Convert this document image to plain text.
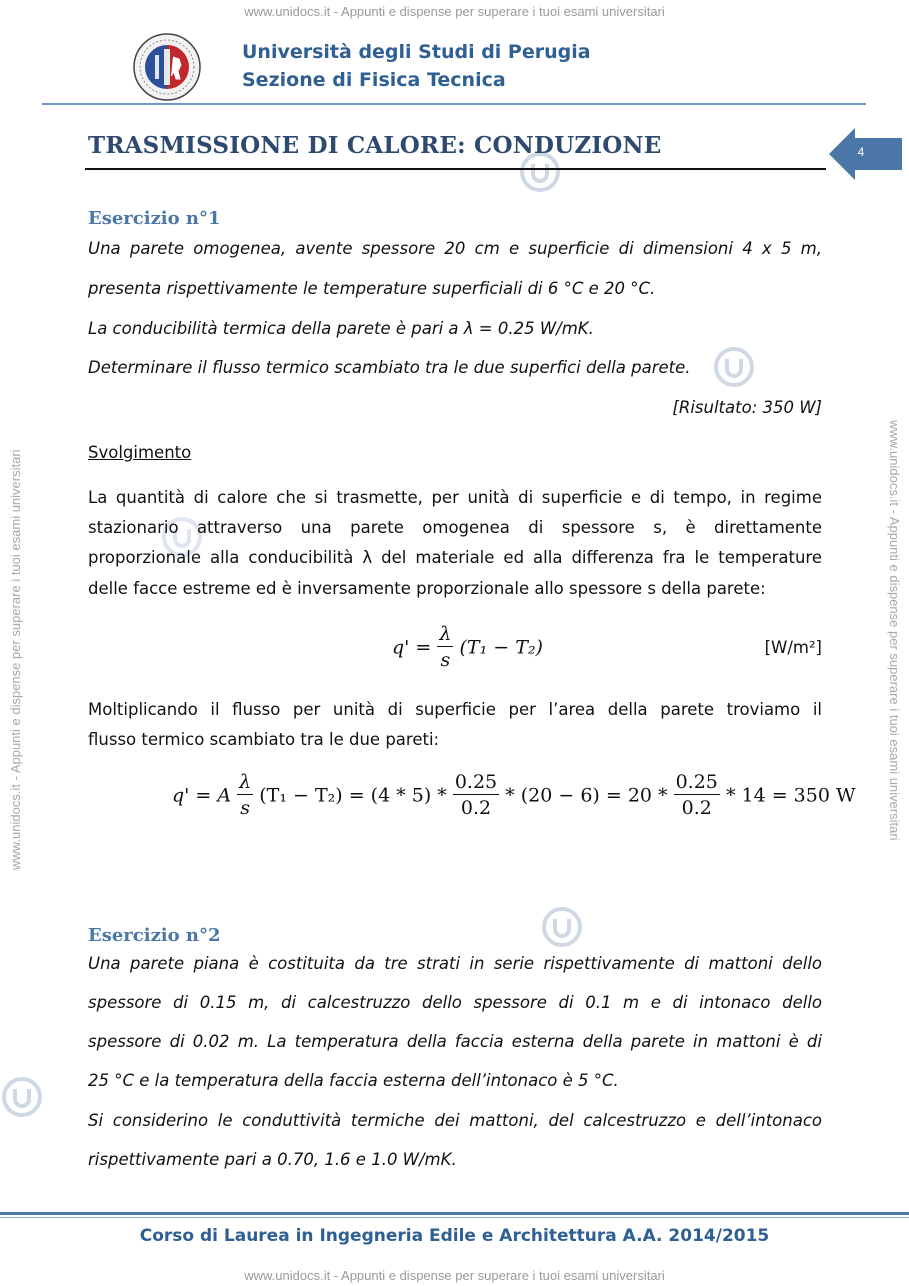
www.unidocs.it - Appunti e dispense per superare i tuoi esami universitari
www.unidocs.it - Appunti e dispense per superare i tuoi esami universitari
www.unidocs.it - Appunti e dispense per superare i tuoi esami universitari	www.unidocs.it - Appunti e dispense per superare i tuoi esami universitari
Università degli Studi di Perugia
Sezione di Fisica Tecnica
TRASMISSIONE DI CALORE: CONDUZIONE	4
Esercizio n°1
Una parete omogenea, avente spessore 20 cm e superficie di dimensioni 4 x 5 m,
presenta rispettivamente le temperature superficiali di 6 °C e 20 °C.
La conducibilità termica della parete è pari a λ = 0.25 W/mK.
Determinare il flusso termico scambiato tra le due superfici della parete.
[Risultato: 350 W]
Svolgimento
La quantità di calore che si trasmette, per unità di superficie e di tempo, in regime
stazionario attraverso una parete omogenea di spessore s, è direttamente
proporzionale alla conducibilità λ del materiale ed alla differenza fra le temperature
delle facce estreme ed è inversamente proporzionale allo spessore s della parete:
$q' = \frac{\lambda}{s} (T_1 - T_2)$	[W/m²]
Moltiplicando il flusso per unità di superficie per l’area della parete troviamo il
flusso termico scambiato tra le due pareti:
q' = A $\frac{\lambda}{s} (T_1 - T_2) = (4 * 5) * \frac{0.25}{0.2} * (20 - 6) = 20 * \frac{0.25}{0.2} * 14 = 350$ W
Esercizio n°2
Una parete piana è costituita da tre strati in serie rispettivamente di mattoni dello
spessore di 0.15 m, di calcestruzzo dello spessore di 0.1 m e di intonaco dello
spessore di 0.02 m. La temperatura della faccia esterna della parete in mattoni è di
25 °C e la temperatura della faccia esterna dell’intonaco è 5 °C.
Si considerino le conduttività termiche dei mattoni, del calcestruzzo e dell’intonaco
rispettivamente pari a 0.70, 1.6 e 1.0 W/mK.
Corso di Laurea in Ingegneria Edile e Architettura A.A. 2014/2015
